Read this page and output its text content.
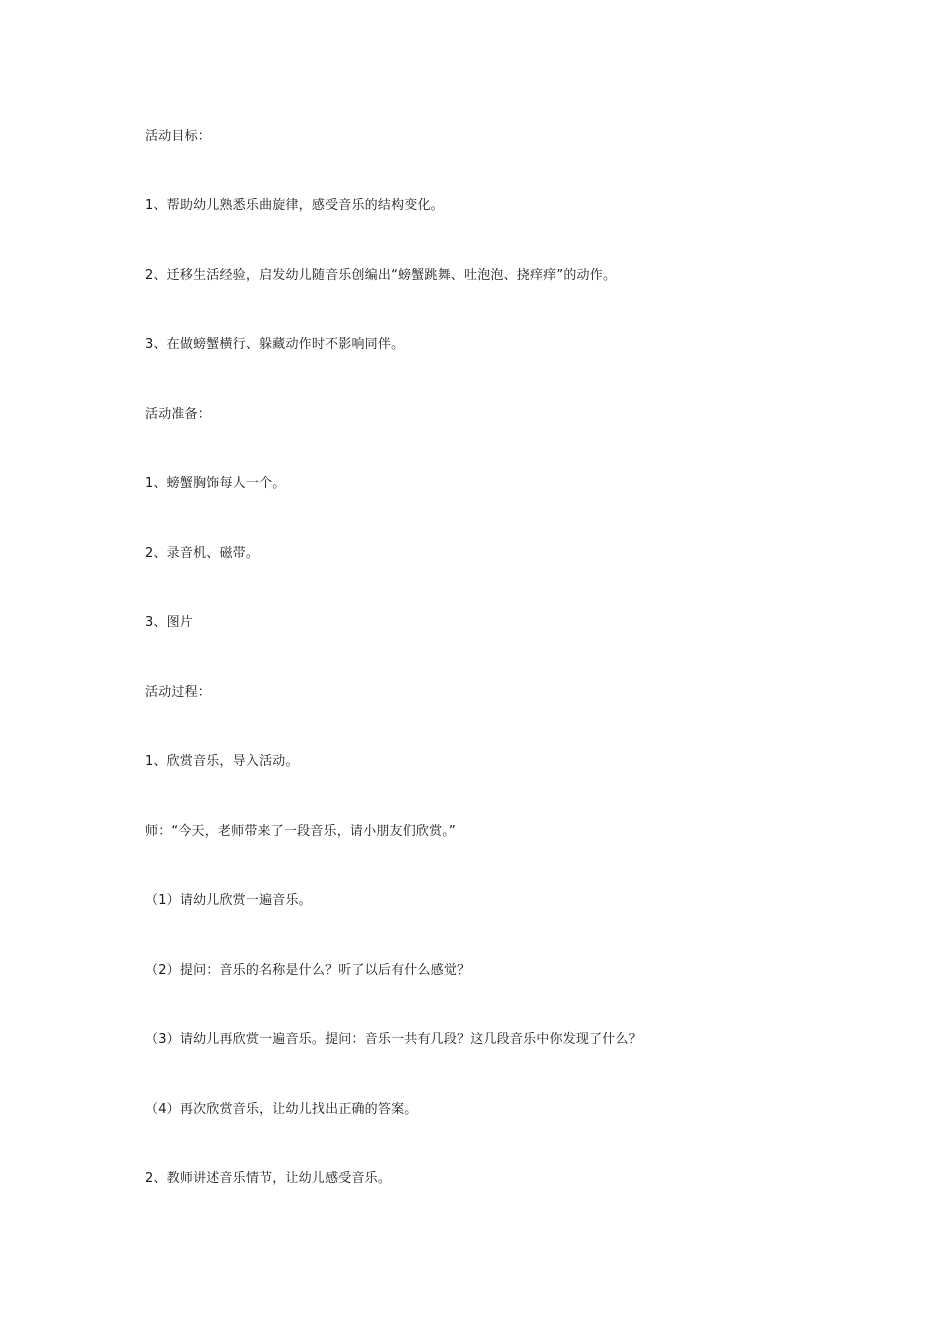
活动目标：
1、帮助幼儿熟悉乐曲旋律，感受音乐的结构变化。
2、迁移生活经验，启发幼儿随音乐创编出“螃蟹跳舞、吐泡泡、挠痒痒”的动作。
3、在做螃蟹横行、躲藏动作时不影响同伴。
活动准备：
1、螃蟹胸饰每人一个。
2、录音机、磁带。
3、图片
活动过程：
1、欣赏音乐，导入活动。
师：“今天，老师带来了一段音乐，请小朋友们欣赏。”
（1）请幼儿欣赏一遍音乐。
（2）提问：音乐的名称是什么？听了以后有什么感觉？
（3）请幼儿再欣赏一遍音乐。提问：音乐一共有几段？这几段音乐中你发现了什么？
（4）再次欣赏音乐，让幼儿找出正确的答案。
2、教师讲述音乐情节，让幼儿感受音乐。
